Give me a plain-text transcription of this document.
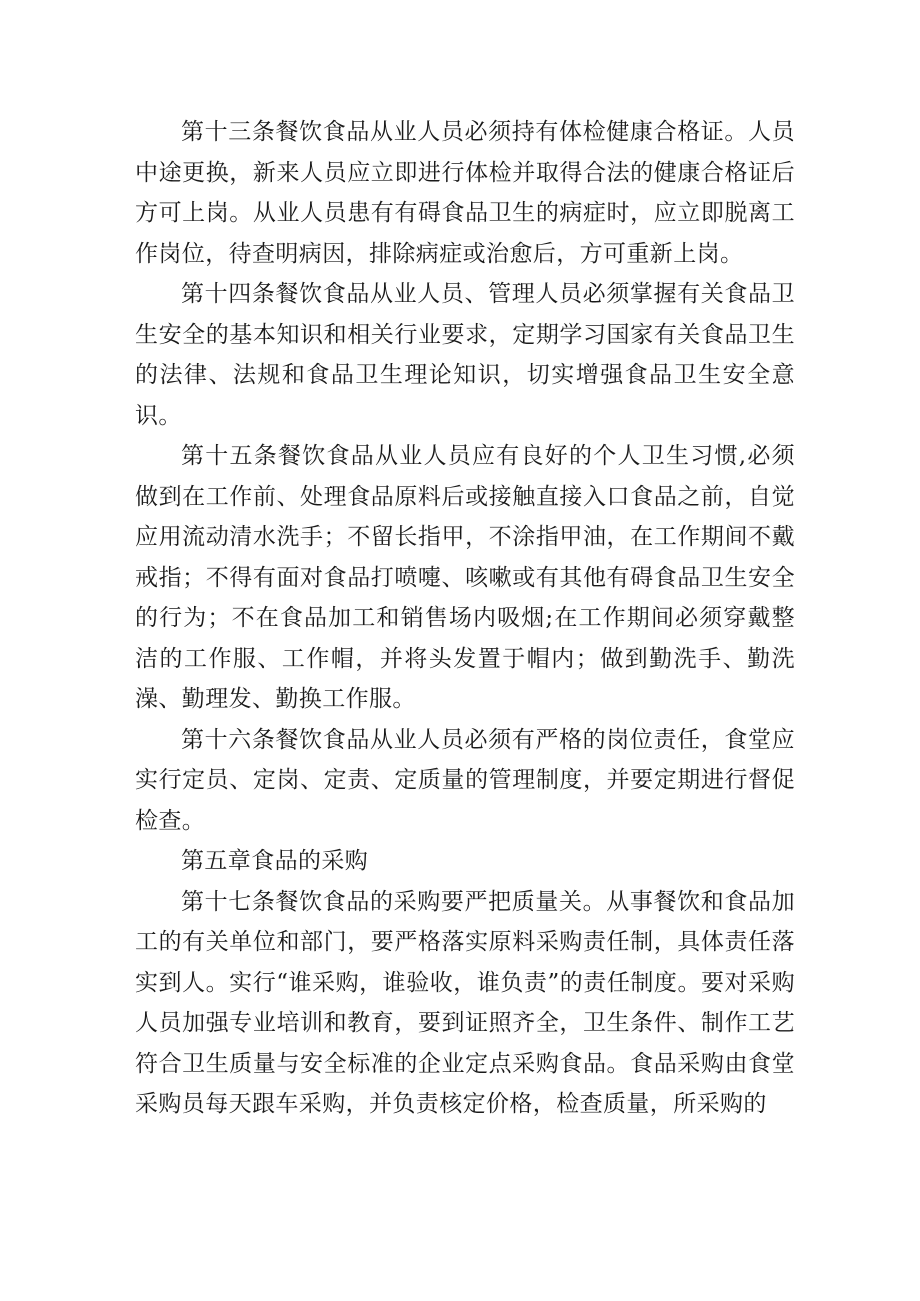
第十三条餐饮食品从业人员必须持有体检健康合格证。人员中途更换，新来人员应立即进行体检并取得合法的健康合格证后方可上岗。从业人员患有有碍食品卫生的病症时，应立即脱离工作岗位，待查明病因，排除病症或治愈后，方可重新上岗。

第十四条餐饮食品从业人员、管理人员必须掌握有关食品卫生安全的基本知识和相关行业要求，定期学习国家有关食品卫生的法律、法规和食品卫生理论知识，切实增强食品卫生安全意识。

第十五条餐饮食品从业人员应有良好的个人卫生习惯,必须做到在工作前、处理食品原料后或接触直接入口食品之前，自觉应用流动清水洗手；不留长指甲，不涂指甲油，在工作期间不戴戒指；不得有面对食品打喷嚏、咳嗽或有其他有碍食品卫生安全的行为；不在食品加工和销售场内吸烟;在工作期间必须穿戴整洁的工作服、工作帽，并将头发置于帽内；做到勤洗手、勤洗澡、勤理发、勤换工作服。

第十六条餐饮食品从业人员必须有严格的岗位责任，食堂应实行定员、定岗、定责、定质量的管理制度，并要定期进行督促检查。

第五章食品的采购

第十七条餐饮食品的采购要严把质量关。从事餐饮和食品加工的有关单位和部门，要严格落实原料采购责任制，具体责任落实到人。实行“谁采购，谁验收，谁负责”的责任制度。要对采购人员加强专业培训和教育，要到证照齐全，卫生条件、制作工艺符合卫生质量与安全标准的企业定点采购食品。食品采购由食堂采购员每天跟车采购，并负责核定价格，检查质量，所采购的
